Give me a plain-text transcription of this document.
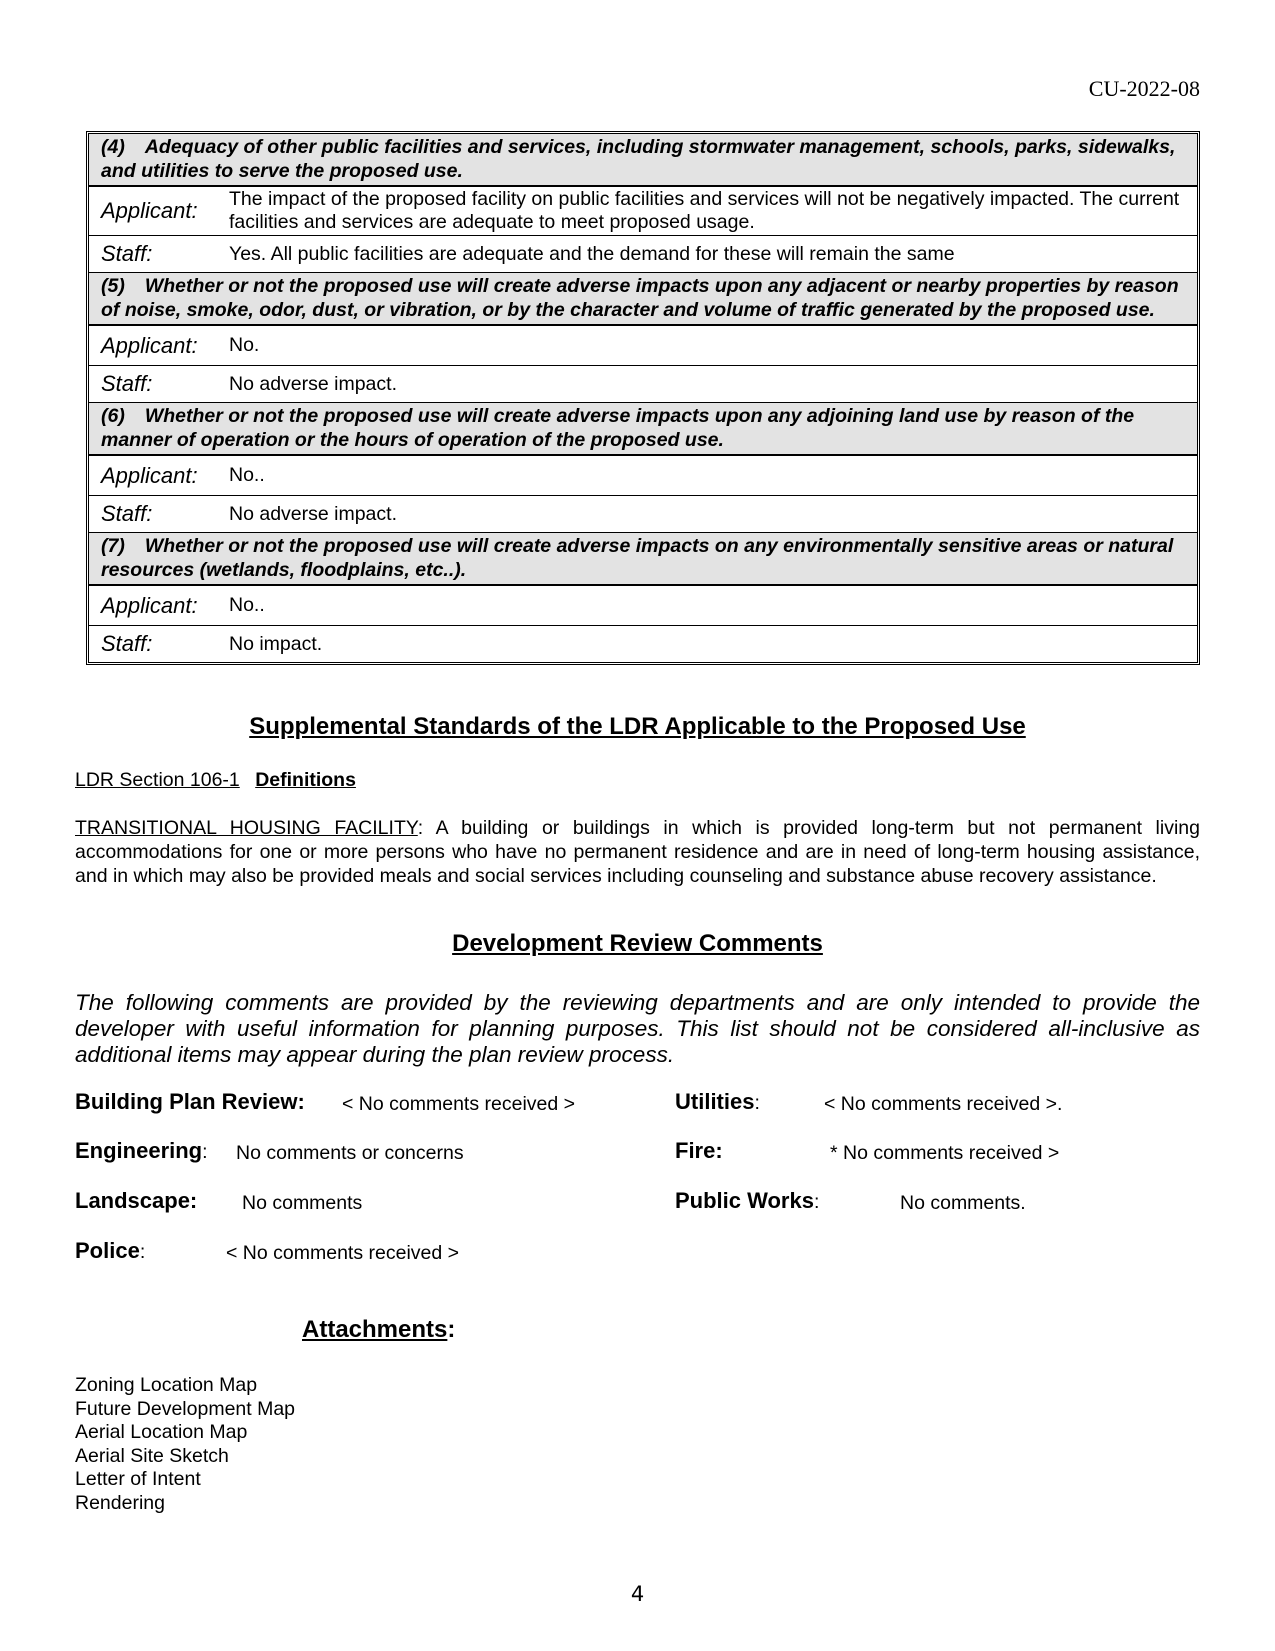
CU-2022-08
(4) Adequacy of other public facilities and services, including stormwater management, schools, parks, sidewalks, and utilities to serve the proposed use.
Applicant:	The impact of the proposed facility on public facilities and services will not be negatively impacted. The current facilities and services are adequate to meet proposed usage.
Staff:	Yes. All public facilities are adequate and the demand for these will remain the same
(5) Whether or not the proposed use will create adverse impacts upon any adjacent or nearby properties by reason of noise, smoke, odor, dust, or vibration, or by the character and volume of traffic generated by the proposed use.
Applicant:	No.
Staff:	No adverse impact.
(6) Whether or not the proposed use will create adverse impacts upon any adjoining land use by reason of the manner of operation or the hours of operation of the proposed use.
Applicant:	No..
Staff:	No adverse impact.
(7) Whether or not the proposed use will create adverse impacts on any environmentally sensitive areas or natural resources (wetlands, floodplains, etc..).
Applicant:	No..
Staff:	No impact.
Supplemental Standards of the LDR Applicable to the Proposed Use
LDR Section 106-1 Definitions
TRANSITIONAL HOUSING FACILITY: A building or buildings in which is provided long-term but not permanent living accommodations for one or more persons who have no permanent residence and are in need of long-term housing assistance, and in which may also be provided meals and social services including counseling and substance abuse recovery assistance.
Development Review Comments
The following comments are provided by the reviewing departments and are only intended to provide the developer with useful information for planning purposes. This list should not be considered all-inclusive as additional items may appear during the plan review process.
Building Plan Review: < No comments received >
Engineering: No comments or concerns
Landscape: No comments
Police:	< No comments received >
Utilities:	< No comments received >.
Fire:	* No comments received >
Public Works:	No comments.
Attachments:
Zoning Location Map
Future Development Map
Aerial Location Map
Aerial Site Sketch
Letter of Intent
Rendering
4
